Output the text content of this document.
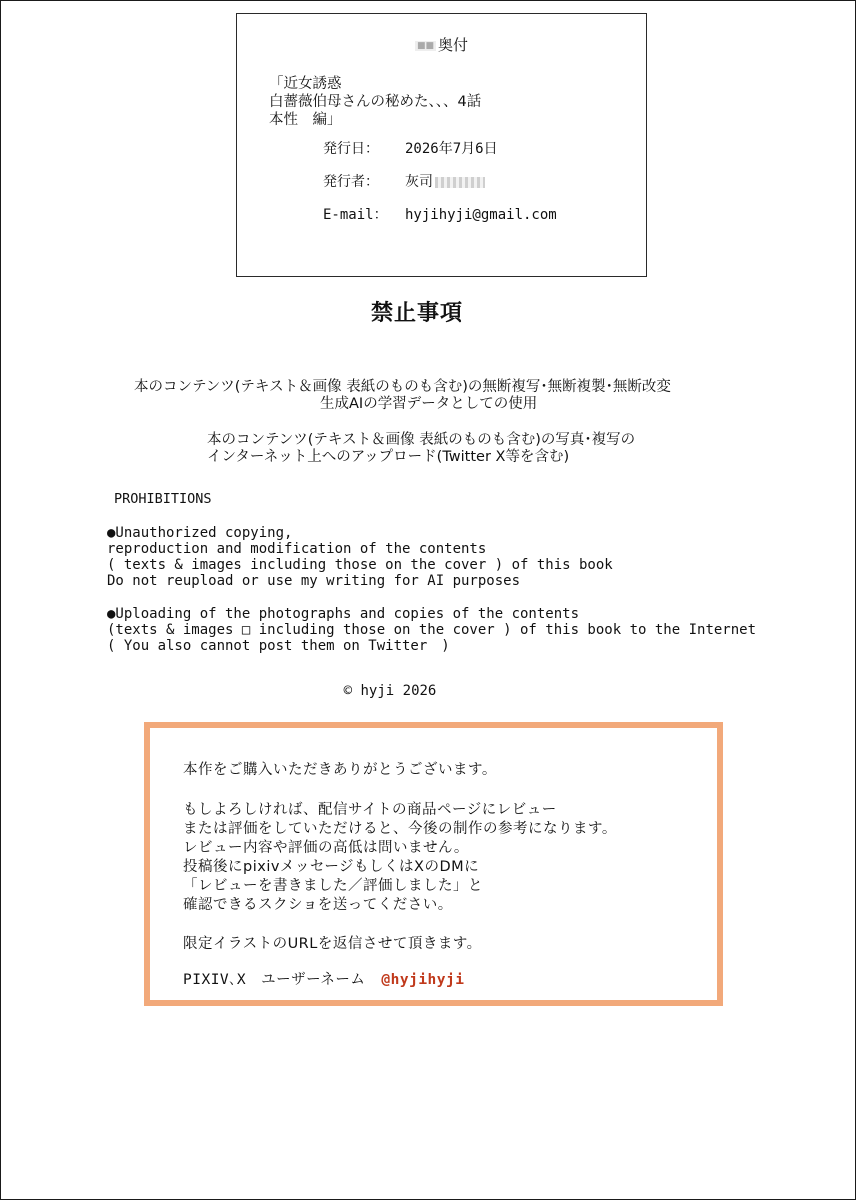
■■ 奥付
「近女誘惑
白薔薇伯母さんの秘めた、、、4話
本性　編」
発行日： 2026年7月6日
発行者： 灰司
E-mail： hyjihyji@gmail.com
禁止事項
本のコンテンツ(テキスト＆画像 表紙のものも含む)の無断複写･無断複製･無断改変
生成AIの学習データとしての使用
本のコンテンツ(テキスト＆画像 表紙のものも含む)の写真･複写の
インターネット上へのアップロード(Twitter X等を含む)
PROHIBITIONS
●Unauthorized copying,
reproduction and modification of the contents
( texts & images including those on the cover ) of this book
Do not reupload or use my writing for AI purposes
●Uploading of the photographs and copies of the contents
(texts & images □ including those on the cover ) of this book to the Internet
( You also cannot post them on Twitter　)
© hyji 2026
本作をご購入いただきありがとうございます。
もしよろしければ、配信サイトの商品ページにレビュー
または評価をしていただけると、今後の制作の参考になります。
レビュー内容や評価の高低は問いません。
投稿後にpixivメッセージもしくはXのDMに
「レビューを書きました／評価しました」と
確認できるスクショを送ってください。
限定イラストのURLを返信させて頂きます。
PIXIV､X　ユーザーネーム @hyjihyji
